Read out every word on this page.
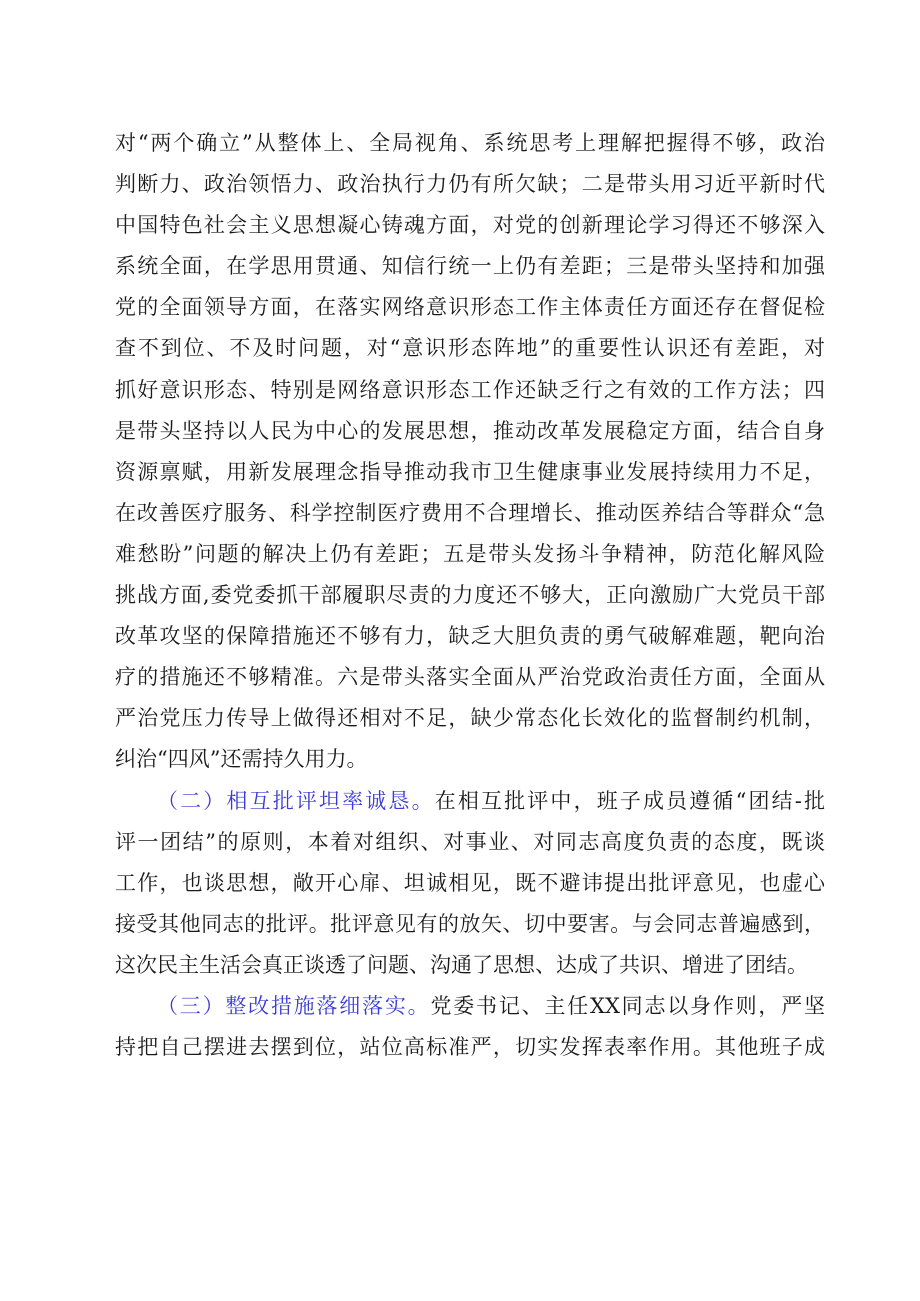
对“两个确立”从整体上、全局视角、系统思考上理解把握得不够，政治
判断力、政治领悟力、政治执行力仍有所欠缺；二是带头用习近平新时代
中国特色社会主义思想凝心铸魂方面，对党的创新理论学习得还不够深入
系统全面，在学思用贯通、知信行统一上仍有差距；三是带头坚持和加强
党的全面领导方面，在落实网络意识形态工作主体责任方面还存在督促检
查不到位、不及时问题，对“意识形态阵地”的重要性认识还有差距，对
抓好意识形态、特别是网络意识形态工作还缺乏行之有效的工作方法；四
是带头坚持以人民为中心的发展思想，推动改革发展稳定方面，结合自身
资源禀赋，用新发展理念指导推动我市卫生健康事业发展持续用力不足，
在改善医疗服务、科学控制医疗费用不合理增长、推动医养结合等群众“急
难愁盼”问题的解决上仍有差距；五是带头发扬斗争精神，防范化解风险
挑战方面,委党委抓干部履职尽责的力度还不够大，正向激励广大党员干部
改革攻坚的保障措施还不够有力，缺乏大胆负责的勇气破解难题，靶向治
疗的措施还不够精准。六是带头落实全面从严治党政治责任方面，全面从
严治党压力传导上做得还相对不足，缺少常态化长效化的监督制约机制，
纠治“四风”还需持久用力。
（二）相互批评坦率诚恳。在相互批评中，班子成员遵循“团结-批
评一团结”的原则，本着对组织、对事业、对同志高度负责的态度，既谈
工作，也谈思想，敞开心扉、坦诚相见，既不避讳提出批评意见，也虚心
接受其他同志的批评。批评意见有的放矢、切中要害。与会同志普遍感到，
这次民主生活会真正谈透了问题、沟通了思想、达成了共识、增进了团结。
（三）整改措施落细落实。党委书记、主任XX同志以身作则，严坚
持把自己摆进去摆到位，站位高标准严，切实发挥表率作用。其他班子成
